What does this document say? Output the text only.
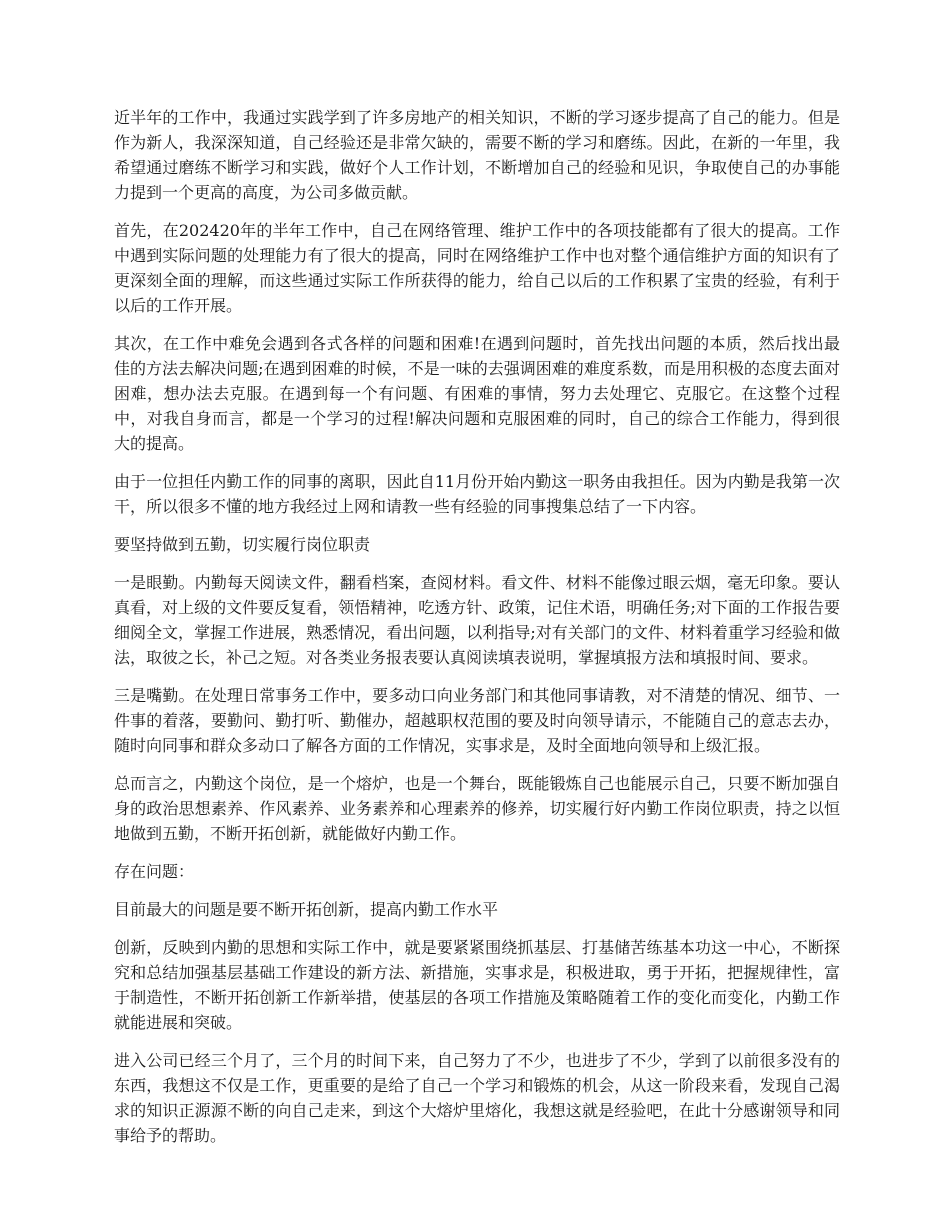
近半年的工作中，我通过实践学到了许多房地产的相关知识，不断的学习逐步提高了自己的能力。但是作为新人，我深深知道，自己经验还是非常欠缺的，需要不断的学习和磨练。因此，在新的一年里，我希望通过磨练不断学习和实践，做好个人工作计划，不断增加自己的经验和见识，争取使自己的办事能力提到一个更高的高度，为公司多做贡献。

首先，在202420年的半年工作中，自己在网络管理、维护工作中的各项技能都有了很大的提高。工作中遇到实际问题的处理能力有了很大的提高，同时在网络维护工作中也对整个通信维护方面的知识有了更深刻全面的理解，而这些通过实际工作所获得的能力，给自己以后的工作积累了宝贵的经验，有利于以后的工作开展。

其次，在工作中难免会遇到各式各样的问题和困难!在遇到问题时，首先找出问题的本质，然后找出最佳的方法去解决问题;在遇到困难的时候，不是一味的去强调困难的难度系数，而是用积极的态度去面对困难，想办法去克服。在遇到每一个有问题、有困难的事情，努力去处理它、克服它。在这整个过程中，对我自身而言，都是一个学习的过程!解决问题和克服困难的同时，自己的综合工作能力，得到很大的提高。

由于一位担任内勤工作的同事的离职，因此自11月份开始内勤这一职务由我担任。因为内勤是我第一次干，所以很多不懂的地方我经过上网和请教一些有经验的同事搜集总结了一下内容。

要坚持做到五勤，切实履行岗位职责

一是眼勤。内勤每天阅读文件，翻看档案，查阅材料。看文件、材料不能像过眼云烟，毫无印象。要认真看，对上级的文件要反复看，领悟精神，吃透方针、政策，记住术语，明确任务;对下面的工作报告要细阅全文，掌握工作进展，熟悉情况，看出问题，以利指导;对有关部门的文件、材料着重学习经验和做法，取彼之长，补己之短。对各类业务报表要认真阅读填表说明，掌握填报方法和填报时间、要求。

三是嘴勤。在处理日常事务工作中，要多动口向业务部门和其他同事请教，对不清楚的情况、细节、一件事的着落，要勤问、勤打听、勤催办，超越职权范围的要及时向领导请示，不能随自己的意志去办，随时向同事和群众多动口了解各方面的工作情况，实事求是，及时全面地向领导和上级汇报。

总而言之，内勤这个岗位，是一个熔炉，也是一个舞台，既能锻炼自己也能展示自己，只要不断加强自身的政治思想素养、作风素养、业务素养和心理素养的修养，切实履行好内勤工作岗位职责，持之以恒地做到五勤，不断开拓创新，就能做好内勤工作。

存在问题：

目前最大的问题是要不断开拓创新，提高内勤工作水平

创新，反映到内勤的思想和实际工作中，就是要紧紧围绕抓基层、打基储苦练基本功这一中心，不断探究和总结加强基层基础工作建设的新方法、新措施，实事求是，积极进取，勇于开拓，把握规律性，富于制造性，不断开拓创新工作新举措，使基层的各项工作措施及策略随着工作的变化而变化，内勤工作就能进展和突破。

进入公司已经三个月了，三个月的时间下来，自己努力了不少，也进步了不少，学到了以前很多没有的东西，我想这不仅是工作，更重要的是给了自己一个学习和锻炼的机会，从这一阶段来看，发现自己渴求的知识正源源不断的向自己走来，到这个大熔炉里熔化，我想这就是经验吧，在此十分感谢领导和同事给予的帮助。
